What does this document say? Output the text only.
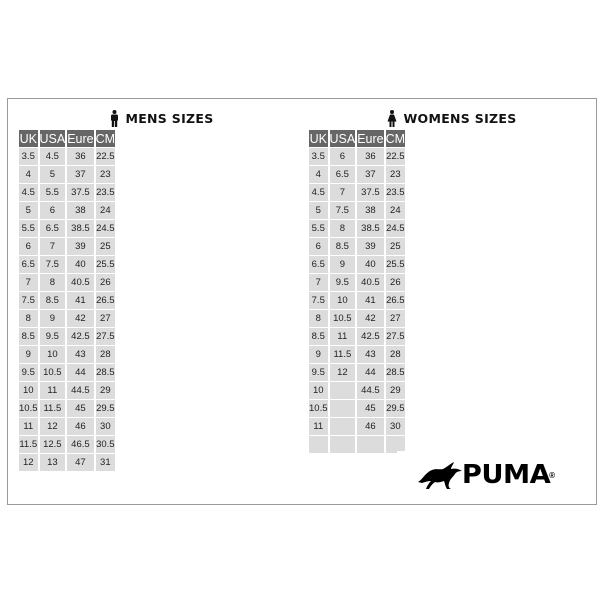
MENS SIZES
UK	USA	Eure	CM
3.5	4.5	36	22.5
4	5	37	23
4.5	5.5	37.5	23.5
5	6	38	24
5.5	6.5	38.5	24.5
6	7	39	25
6.5	7.5	40	25.5
7	8	40.5	26
7.5	8.5	41	26.5
8	9	42	27
8.5	9.5	42.5	27.5
9	10	43	28
9.5	10.5	44	28.5
10	11	44.5	29
10.5	11.5	45	29.5
11	12	46	30
11.5	12.5	46.5	30.5
12	13	47	31
WOMENS SIZES
UK	USA	Eure	CM
3.5	6	36	22.5
4	6.5	37	23
4.5	7	37.5	23.5
5	7.5	38	24
5.5	8	38.5	24.5
6	8.5	39	25
6.5	9	40	25.5
7	9.5	40.5	26
7.5	10	41	26.5
8	10.5	42	27
8.5	11	42.5	27.5
9	11.5	43	28
9.5	12	44	28.5
10		44.5	29
10.5		45	29.5
11		46	30

PUMA
®
